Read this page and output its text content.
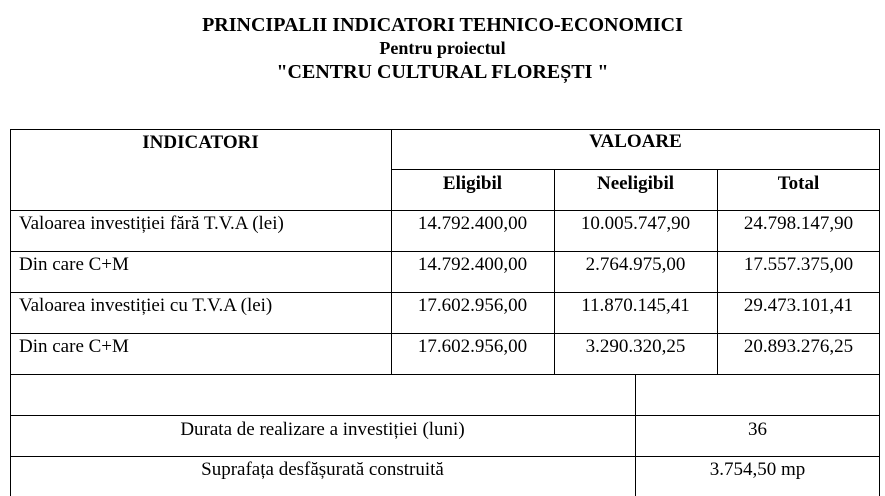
PRINCIPALII INDICATORI TEHNICO-ECONOMICI
Pentru proiectul
"CENTRU CULTURAL FLOREȘTI "
INDICATORI	VALOARE
Eligibil	Neeligibil	Total
Valoarea investiției fără T.V.A (lei)	14.792.400,00	10.005.747,90	24.798.147,90
Din care C+M	14.792.400,00	2.764.975,00	17.557.375,00
Valoarea investiției cu T.V.A (lei)	17.602.956,00	11.870.145,41	29.473.101,41
Din care C+M	17.602.956,00	3.290.320,25	20.893.276,25
Durata de realizare a investiției (luni)	36
Suprafața desfășurată construită	3.754,50 mp
